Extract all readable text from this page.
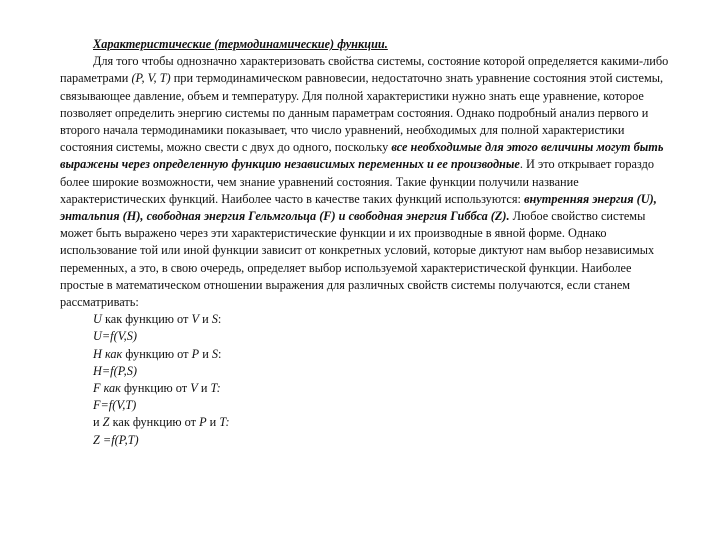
Характеристические (термодинамические) функции.

Для того чтобы однозначно характеризовать свойства системы, состояние которой определяется какими-либо параметрами (P, V, T) при термодинамическом равновесии, недостаточно знать уравнение состояния этой системы, связывающее давление, объем и температуру. Для полной характеристики нужно знать еще уравнение, которое позволяет определить энергию системы по данным параметрам состояния. Однако подробный анализ первого и второго начала термодинамики показывает, что число уравнений, необходимых для полной характеристики состояния системы, можно свести с двух до одного, поскольку все необходимые для этого величины могут быть выражены через определенную функцию независимых переменных и ее производные. И это открывает гораздо более широкие возможности, чем знание уравнений состояния. Такие функции получили название характеристических функций. Наиболее часто в качестве таких функций используются: внутренняя энергия (U), энтальпия (H), свободная энергия Гельмгольца (F) и свободная энергия Гиббса (Z). Любое свойство системы может быть выражено через эти характеристические функции и их производные в явной форме. Однако использование той или иной функции зависит от конкретных условий, которые диктуют нам выбор независимых переменных, а это, в свою очередь, определяет выбор используемой характеристической функции. Наиболее простые в математическом отношении выражения для различных свойств системы получаются, если станем рассматривать:

U как функцию от V и S:
U=f(V,S)
H как функцию от P и S:
H=f(P,S)
F как функцию от V и T:
F=f(V,T)
и Z как функцию от P и T:
Z =f(P,T)
